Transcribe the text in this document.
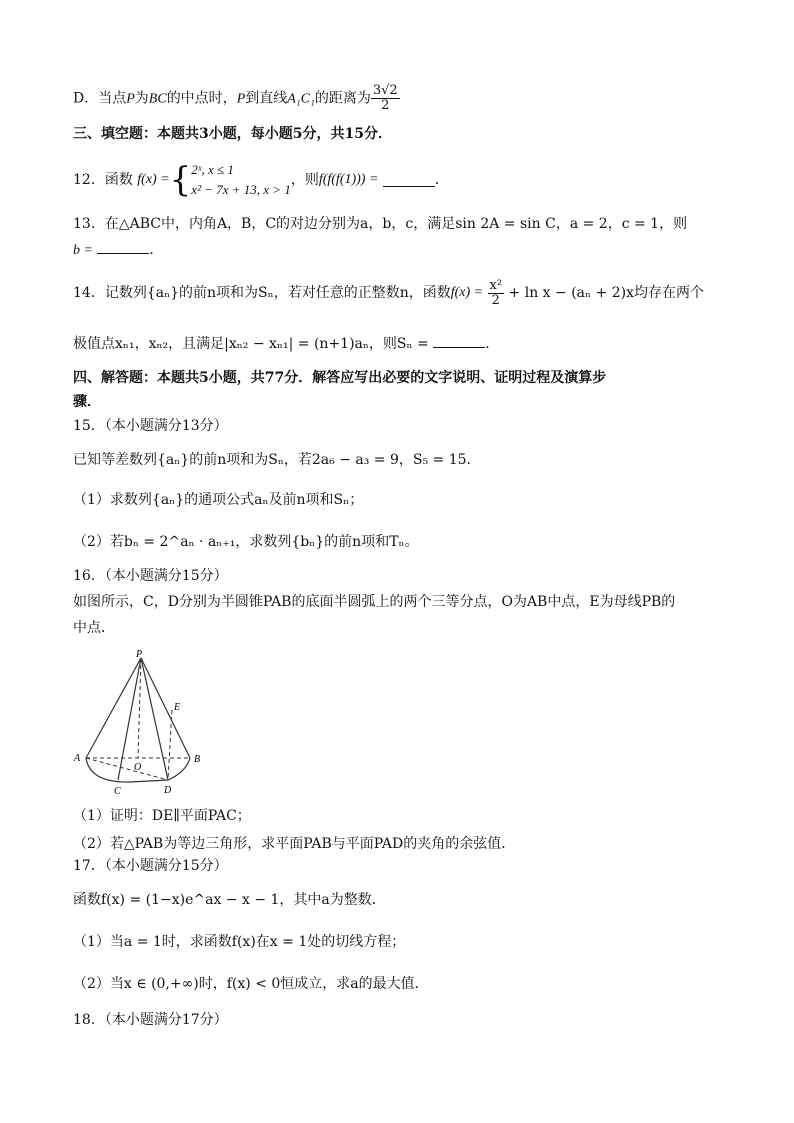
D．当点P为BC的中点时，P到直线A₁C₁的距离为 $\frac{3√2}{2}$
三、填空题：本题共3小题，每小题5分，共15分．
12．函数
f(x) = { 2ˣ, x ≤ 1
x² − 7x + 13, x > 1
，则 f(f(f(1))) =
	．
13．在△ABC中，内角A，B，C的对边分别为a，b，c，满足sin 2A = sin C，a = 2，c = 1，则
b =	．
14．记数列{aₙ}的前n项和为Sₙ，若对任意的正整数n，函数 f(x) =
$\frac{\text{x²}}{2}$
+ ln x − (aₙ + 2)x均存在两个
极值点xₙ₁，xₙ₂，且满足|xₙ₂ − xₙ₁| = (n+1)aₙ，则Sₙ =	．
四、解答题：本题共5小题，共77分．解答应写出必要的文字说明、证明过程及演算步
骤．
15．（本小题满分13分）
已知等差数列{aₙ}的前n项和为Sₙ，若2a₆ − a₃ = 9，S₅ = 15．
（1）求数列{aₙ}的通项公式aₙ及前n项和Sₙ；
（2）若bₙ = 2^aₙ · aₙ₊₁，求数列{bₙ}的前n项和Tₙ。
16．（本小题满分15分）
如图所示，C，D分别为半圆锥PAB的底面半圆弧上的两个三等分点，O为AB中点，E为母线PB的
中点．
P
E
A
O
B
C	D
（1）证明：DE∥平面PAC；
（2）若△PAB为等边三角形，求平面PAB与平面PAD的夹角的余弦值．
17．（本小题满分15分）
函数f(x) = (1−x)e^ax − x − 1，其中a为整数．
（1）当a = 1时，求函数f(x)在x = 1处的切线方程；
（2）当x ∈ (0,+∞)时，f(x) < 0恒成立，求a的最大值．
18．（本小题满分17分）
